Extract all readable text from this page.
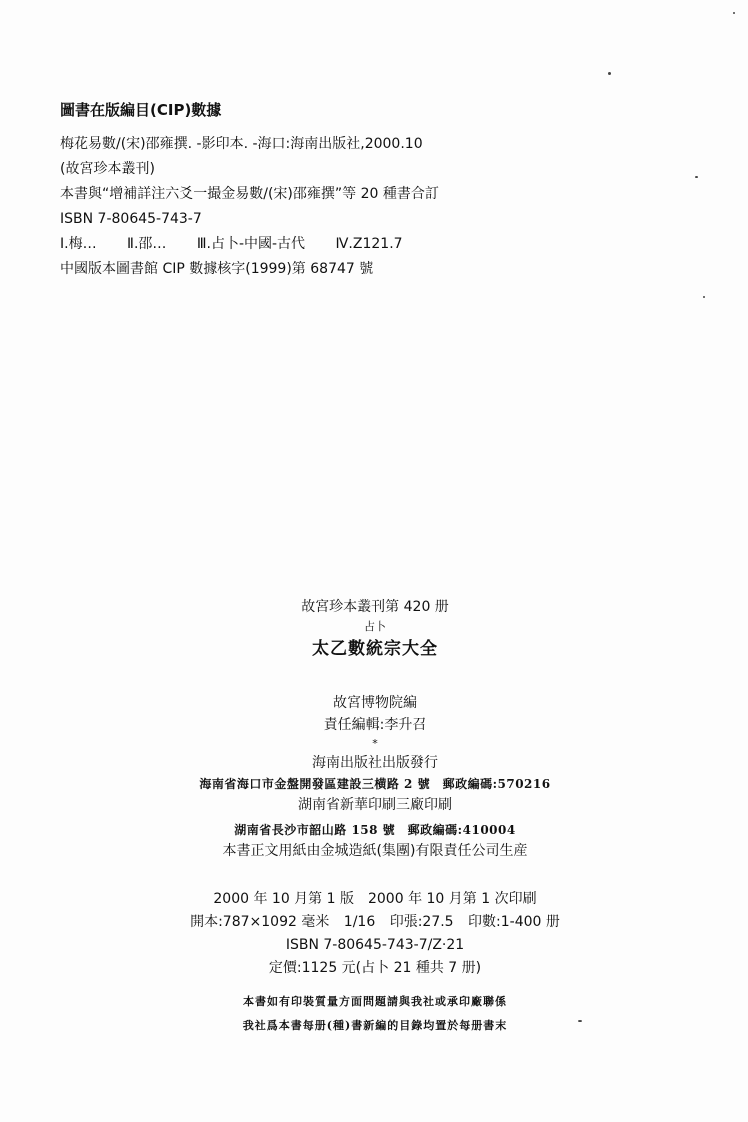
圖書在版編目(CIP)數據
梅花易數/(宋)邵雍撰. -影印本. -海口:海南出版社,2000.10
(故宮珍本叢刊)
本書與“增補詳注六爻一撮金易數/(宋)邵雍撰”等 20 種書合訂
ISBN 7-80645-743-7
Ⅰ.梅… Ⅱ.邵… Ⅲ.占卜-中國-古代 Ⅳ.Z121.7
中國版本圖書館 CIP 數據核字(1999)第 68747 號
故宮珍本叢刊第 420 册
占卜
太乙數統宗大全
故宮博物院編
責任編輯:李升召
*
海南出版社出版發行
海南省海口市金盤開發區建設三横路 2 號　郵政編碼:570216
湖南省新華印刷三廠印刷
湖南省長沙市韶山路 158 號　郵政編碼:410004
本書正文用紙由金城造紙(集團)有限責任公司生産
2000 年 10 月第 1 版　2000 年 10 月第 1 次印刷
開本:787×1092 毫米 1/16 印張:27.5 印數:1-400 册
ISBN 7-80645-743-7/Z·21
定價:1125 元(占卜 21 種共 7 册)
本書如有印裝質量方面問題請與我社或承印廠聯係
我社爲本書每册(種)書新編的目錄均置於每册書末
